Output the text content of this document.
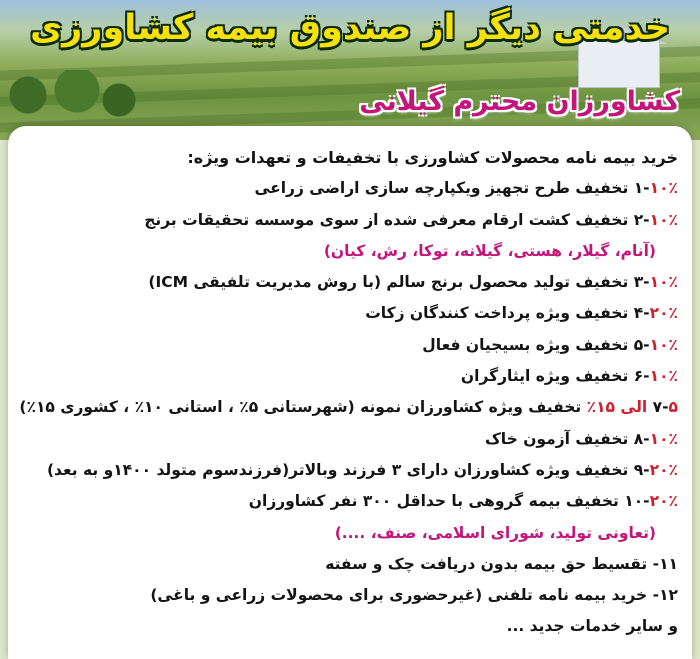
خدمتی دیگر از صندوق بیمه کشاورزی
کشاورزان محترم گیلانی
خرید بیمه نامه محصولات کشاورزی با تخفیفات و تعهدات ویژه:
۱-۱۰٪ تخفیف طرح تجهیز ویکپارچه سازی اراضی زراعی
۲-۱۰٪ تخفیف کشت ارقام معرفی شده از سوی موسسه تحقیقات برنج
(آنام، گیلار، هستی، گیلانه، توکا، رش، کیان)
۳-۱۰٪ تخفیف تولید محصول برنج سالم (با روش مدیریت تلفیقی ICM)
۴-۲۰٪ تخفیف ویژه پرداخت کنندگان زکات
۵-۱۰٪ تخفیف ویژه بسیجیان فعال
۶-۱۰٪ تخفیف ویژه ایثارگران
۷-۵ الی ۱۵٪ تخفیف ویژه کشاورزان نمونه (شهرستانی ۵٪ ، استانی ۱۰٪ ، کشوری ۱۵٪)
۸-۱۰٪ تخفیف آزمون خاک
۹-۲۰٪ تخفیف ویژه کشاورزان دارای ۳ فرزند وبالاتر(فرزندسوم متولد ۱۴۰۰و به بعد)
۱۰-۲۰٪ تخفیف بیمه گروهی با حداقل ۳۰۰ نفر کشاورزان
(تعاونی تولید، شورای اسلامی، صنف، ....)
۱۱- تقسیط حق بیمه بدون دریافت چک و سفته
۱۲- خرید بیمه نامه تلفنی (غیرحضوری برای محصولات زراعی و باغی)
و سایر خدمات جدید ...
